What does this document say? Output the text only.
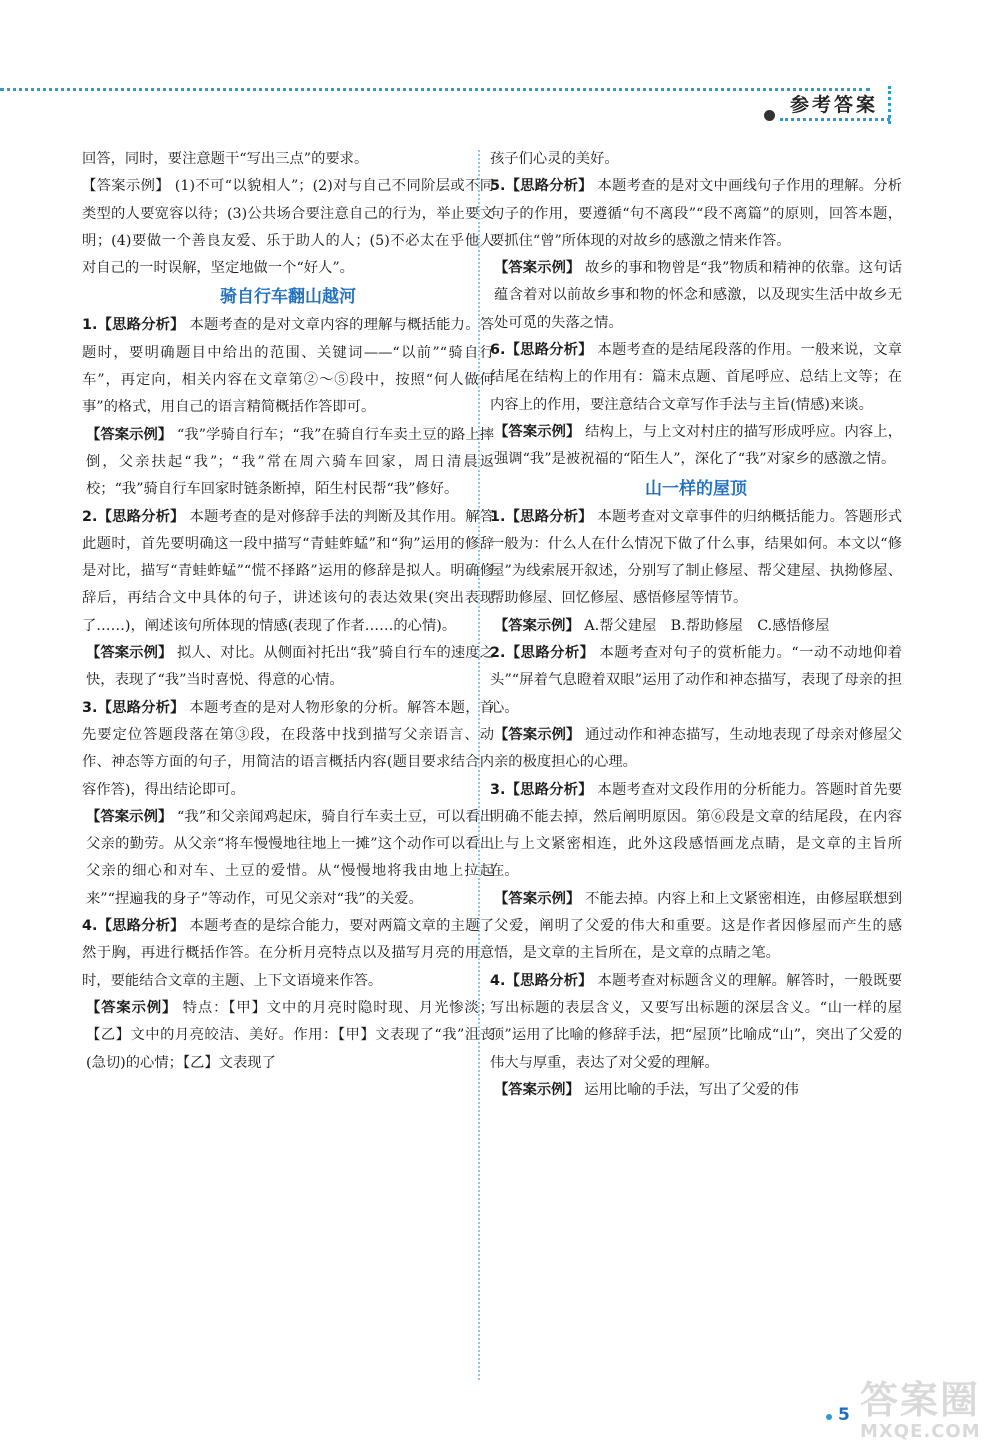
参考答案

回答，同时，要注意题干“写出三点”的要求。

【答案示例】 (1)不可“以貌相人”；(2)对与自己不同阶层或不同类型的人要宽容以待；(3)公共场合要注意自己的行为，举止要文明；(4)要做一个善良友爱、乐于助人的人；(5)不必太在乎他人对自己的一时误解，坚定地做一个“好人”。

骑自行车翻山越河

1.【思路分析】 本题考查的是对文章内容的理解与概括能力。答题时，要明确题目中给出的范围、关键词——“以前”“骑自行车”，再定向，相关内容在文章第②～⑤段中，按照“何人做何事”的格式，用自己的语言精简概括作答即可。

【答案示例】 “我”学骑自行车；“我”在骑自行车卖土豆的路上摔倒，父亲扶起“我”；“我”常在周六骑车回家，周日清晨返校；“我”骑自行车回家时链条断掉，陌生村民帮“我”修好。

2.【思路分析】 本题考查的是对修辞手法的判断及其作用。解答此题时，首先要明确这一段中描写“青蛙蚱蜢”和“狗”运用的修辞是对比，描写“青蛙蚱蜢”“慌不择路”运用的修辞是拟人。明确修辞后，再结合文中具体的句子，讲述该句的表达效果(突出表现了……)，阐述该句所体现的情感(表现了作者……的心情)。

【答案示例】 拟人、对比。从侧面衬托出“我”骑自行车的速度之快，表现了“我”当时喜悦、得意的心情。

3.【思路分析】 本题考查的是对人物形象的分析。解答本题，首先要定位答题段落在第③段，在段落中找到描写父亲语言、动作、神态等方面的句子，用简洁的语言概括内容(题目要求结合内容作答)，得出结论即可。

【答案示例】 “我”和父亲闻鸡起床，骑自行车卖土豆，可以看出父亲的勤劳。从父亲“将车慢慢地往地上一摊”这个动作可以看出父亲的细心和对车、土豆的爱惜。从“慢慢地将我由地上拉起来”“捏遍我的身子”等动作，可见父亲对“我”的关爱。

4.【思路分析】 本题考查的是综合能力，要对两篇文章的主题了然于胸，再进行概括作答。在分析月亮特点以及描写月亮的用意时，要能结合文章的主题、上下文语境来作答。

【答案示例】 特点：【甲】文中的月亮时隐时现、月光惨淡；【乙】文中的月亮皎洁、美好。作用：【甲】文表现了“我”沮丧(急切)的心情；【乙】文表现了

孩子们心灵的美好。

5.【思路分析】 本题考查的是对文中画线句子作用的理解。分析句子的作用，要遵循“句不离段”“段不离篇”的原则，回答本题，要抓住“曾”所体现的对故乡的感激之情来作答。

【答案示例】 故乡的事和物曾是“我”物质和精神的依靠。这句话蕴含着对以前故乡事和物的怀念和感激，以及现实生活中故乡无处可觅的失落之情。

6.【思路分析】 本题考查的是结尾段落的作用。一般来说，文章结尾在结构上的作用有：篇末点题、首尾呼应、总结上文等；在内容上的作用，要注意结合文章写作手法与主旨(情感)来谈。

【答案示例】 结构上，与上文对村庄的描写形成呼应。内容上，强调“我”是被祝福的“陌生人”，深化了“我”对家乡的感激之情。

山一样的屋顶

1.【思路分析】 本题考查对文章事件的归纳概括能力。答题形式一般为：什么人在什么情况下做了什么事，结果如何。本文以“修屋”为线索展开叙述，分别写了制止修屋、帮父建屋、执拗修屋、帮助修屋、回忆修屋、感悟修屋等情节。

【答案示例】 A.帮父建屋　B.帮助修屋　C.感悟修屋

2.【思路分析】 本题考查对句子的赏析能力。“一动不动地仰着头”“屏着气息瞪着双眼”运用了动作和神态描写，表现了母亲的担心。

【答案示例】 通过动作和神态描写，生动地表现了母亲对修屋父亲的极度担心的心理。

3.【思路分析】 本题考查对文段作用的分析能力。答题时首先要明确不能去掉，然后阐明原因。第⑥段是文章的结尾段，在内容上与上文紧密相连，此外这段感悟画龙点睛，是文章的主旨所在。

【答案示例】 不能去掉。内容上和上文紧密相连，由修屋联想到父爱，阐明了父爱的伟大和重要。这是作者因修屋而产生的感悟，是文章的主旨所在，是文章的点睛之笔。

4.【思路分析】 本题考查对标题含义的理解。解答时，一般既要写出标题的表层含义，又要写出标题的深层含义。“山一样的屋顶”运用了比喻的修辞手法，把“屋顶”比喻成“山”，突出了父爱的伟大与厚重，表达了对父爱的理解。

【答案示例】 运用比喻的手法，写出了父爱的伟

5 答案圈
MXQE.COM
